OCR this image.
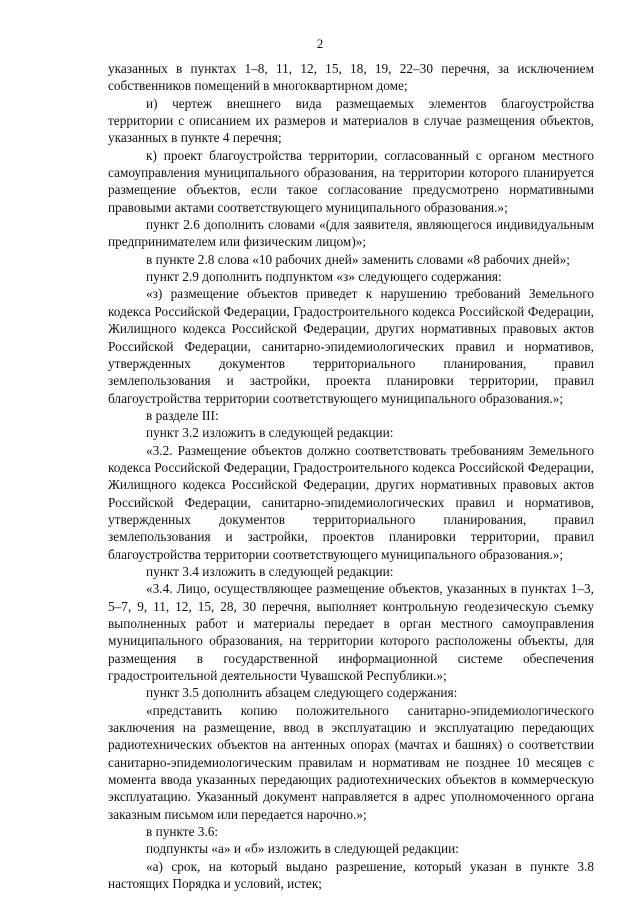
2

указанных в пунктах 1–8, 11, 12, 15, 18, 19, 22–30 перечня, за исключением собственников помещений в многоквартирном доме;

и) чертеж внешнего вида размещаемых элементов благоустройства территории с описанием их размеров и материалов в случае размещения объектов, указанных в пункте 4 перечня;

к) проект благоустройства территории, согласованный с органом местного самоуправления муниципального образования, на территории которого планируется размещение объектов, если такое согласование предусмотрено нормативными правовыми актами соответствующего муниципального образования.»;

пункт 2.6 дополнить словами «(для заявителя, являющегося индивидуальным предпринимателем или физическим лицом)»;

в пункте 2.8 слова «10 рабочих дней» заменить словами «8 рабочих дней»;

пункт 2.9 дополнить подпунктом «з» следующего содержания:

«з) размещение объектов приведет к нарушению требований Земельного кодекса Российской Федерации, Градостроительного кодекса Российской Федерации, Жилищного кодекса Российской Федерации, других нормативных правовых актов Российской Федерации, санитарно-эпидемиологических правил и нормативов, утвержденных документов территориального планирования, правил землепользования и застройки, проекта планировки территории, правил благоустройства территории соответствующего муниципального образования.»;

в разделе III:

пункт 3.2 изложить в следующей редакции:

«3.2. Размещение объектов должно соответствовать требованиям Земельного кодекса Российской Федерации, Градостроительного кодекса Российской Федерации, Жилищного кодекса Российской Федерации, других нормативных правовых актов Российской Федерации, санитарно-эпидемиологических правил и нормативов, утвержденных документов территориального планирования, правил землепользования и застройки, проектов планировки территории, правил благоустройства территории соответствующего муниципального образования.»;

пункт 3.4 изложить в следующей редакции:

«3.4. Лицо, осуществляющее размещение объектов, указанных в пунктах 1–3, 5–7, 9, 11, 12, 15, 28, 30 перечня, выполняет контрольную геодезическую съемку выполненных работ и материалы передает в орган местного самоуправления муниципального образования, на территории которого расположены объекты, для размещения в государственной информационной системе обеспечения градостроительной деятельности Чувашской Республики.»;

пункт 3.5 дополнить абзацем следующего содержания:

«представить копию положительного санитарно-эпидемиологического заключения на размещение, ввод в эксплуатацию и эксплуатацию передающих радиотехнических объектов на антенных опорах (мачтах и башнях) о соответствии санитарно-эпидемиологическим правилам и нормативам не позднее 10 месяцев с момента ввода указанных передающих радиотехнических объектов в коммерческую эксплуатацию. Указанный документ направляется в адрес уполномоченного органа заказным письмом или передается нарочно.»;

в пункте 3.6:

подпункты «а» и «б» изложить в следующей редакции:

«а) срок, на который выдано разрешение, который указан в пункте 3.8 настоящих Порядка и условий, истек;
